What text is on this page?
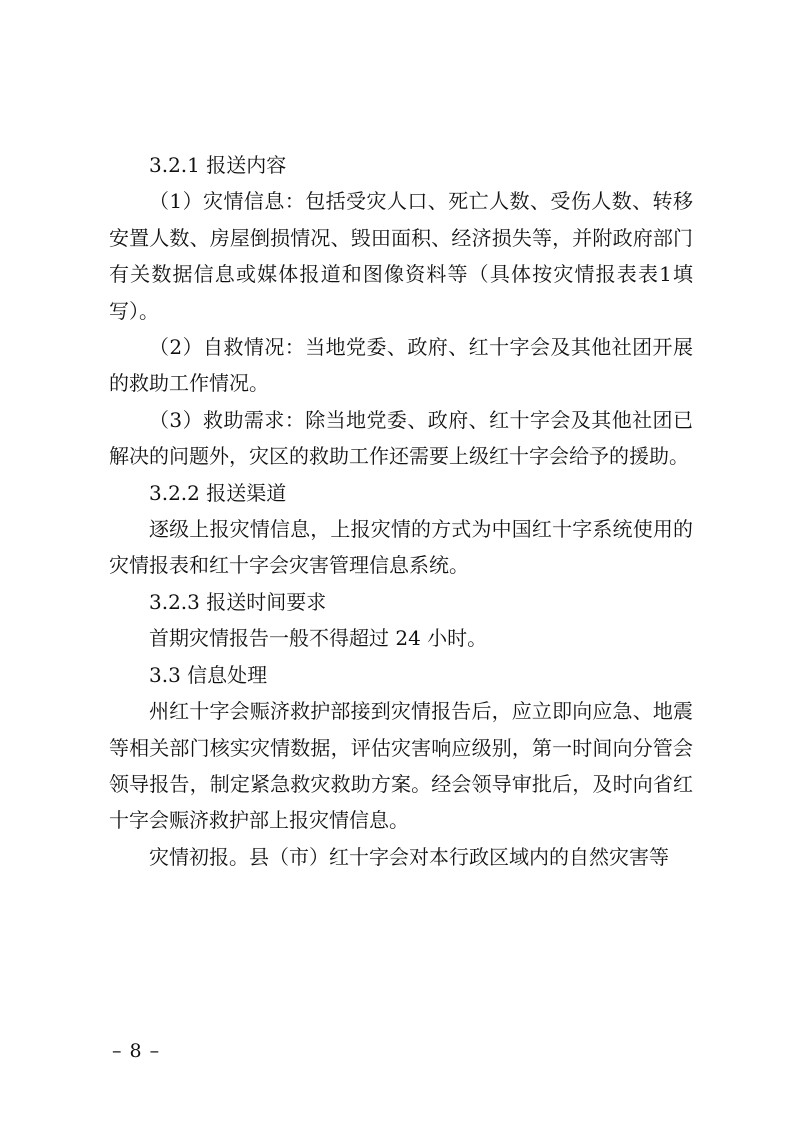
3.2.1 报送内容

（1）灾情信息：包括受灾人口、死亡人数、受伤人数、转移安置人数、房屋倒损情况、毁田面积、经济损失等，并附政府部门有关数据信息或媒体报道和图像资料等（具体按灾情报表表1填写）。

（2）自救情况：当地党委、政府、红十字会及其他社团开展的救助工作情况。

（3）救助需求：除当地党委、政府、红十字会及其他社团已解决的问题外，灾区的救助工作还需要上级红十字会给予的援助。

3.2.2 报送渠道

逐级上报灾情信息，上报灾情的方式为中国红十字系统使用的灾情报表和红十字会灾害管理信息系统。

3.2.3 报送时间要求

首期灾情报告一般不得超过 24 小时。

3.3 信息处理

州红十字会赈济救护部接到灾情报告后，应立即向应急、地震等相关部门核实灾情数据，评估灾害响应级别，第一时间向分管会领导报告，制定紧急救灾救助方案。经会领导审批后，及时向省红十字会赈济救护部上报灾情信息。

灾情初报。县（市）红十字会对本行政区域内的自然灾害等

– 8 –
